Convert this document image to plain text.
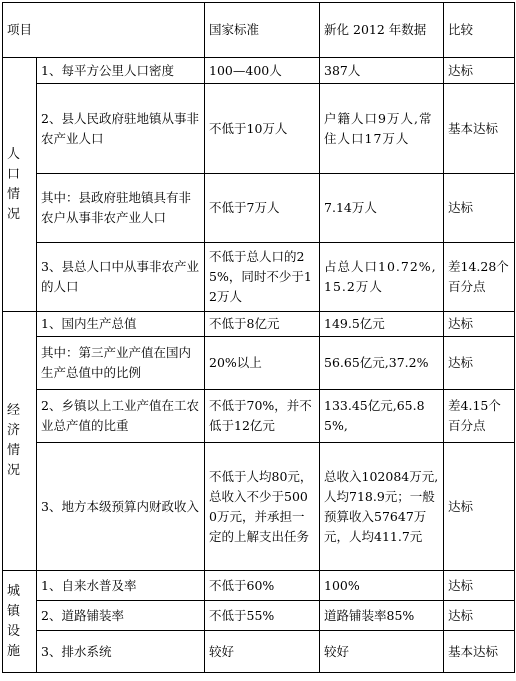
项目		国家标准	新化 2012 年数据	比较

人
口
情
况	1、每平方公里人口密度	100—400人	387人	达标
	2、县人民政府驻地镇从事非农产业人口	不低于10万人	户籍人口9万人,常住人口17万人	基本达标
	其中：县政府驻地镇具有非农户从事非农产业人口	不低于7万人	7.14万人	达标
	3、县总人口中从事非农产业的人口	不低于总人口的25%，同时不少于12万人	占总人口10.72%,15.2万人	差14.28个百分点

经
济
情
况	1、国内生产总值	不低于8亿元	149.5亿元	达标
	其中：第三产业产值在国内生产总值中的比例	20%以上	56.65亿元,37.2%	达标
	2、乡镇以上工业产值在工农业总产值的比重	不低于70%，并不低于12亿元	133.45亿元,65.85%,	差4.15个百分点
	3、地方本级预算内财政收入	不低于人均80元，总收入不少于5000万元，并承担一定的上解支出任务	总收入102084万元,人均718.9元；一般预算收入57647万元，人均411.7元	达标

城
镇
设
施	1、自来水普及率	不低于60%	100%	达标
	2、道路铺装率	不低于55%	道路铺装率85%	达标
	3、排水系统	较好	较好	基本达标
